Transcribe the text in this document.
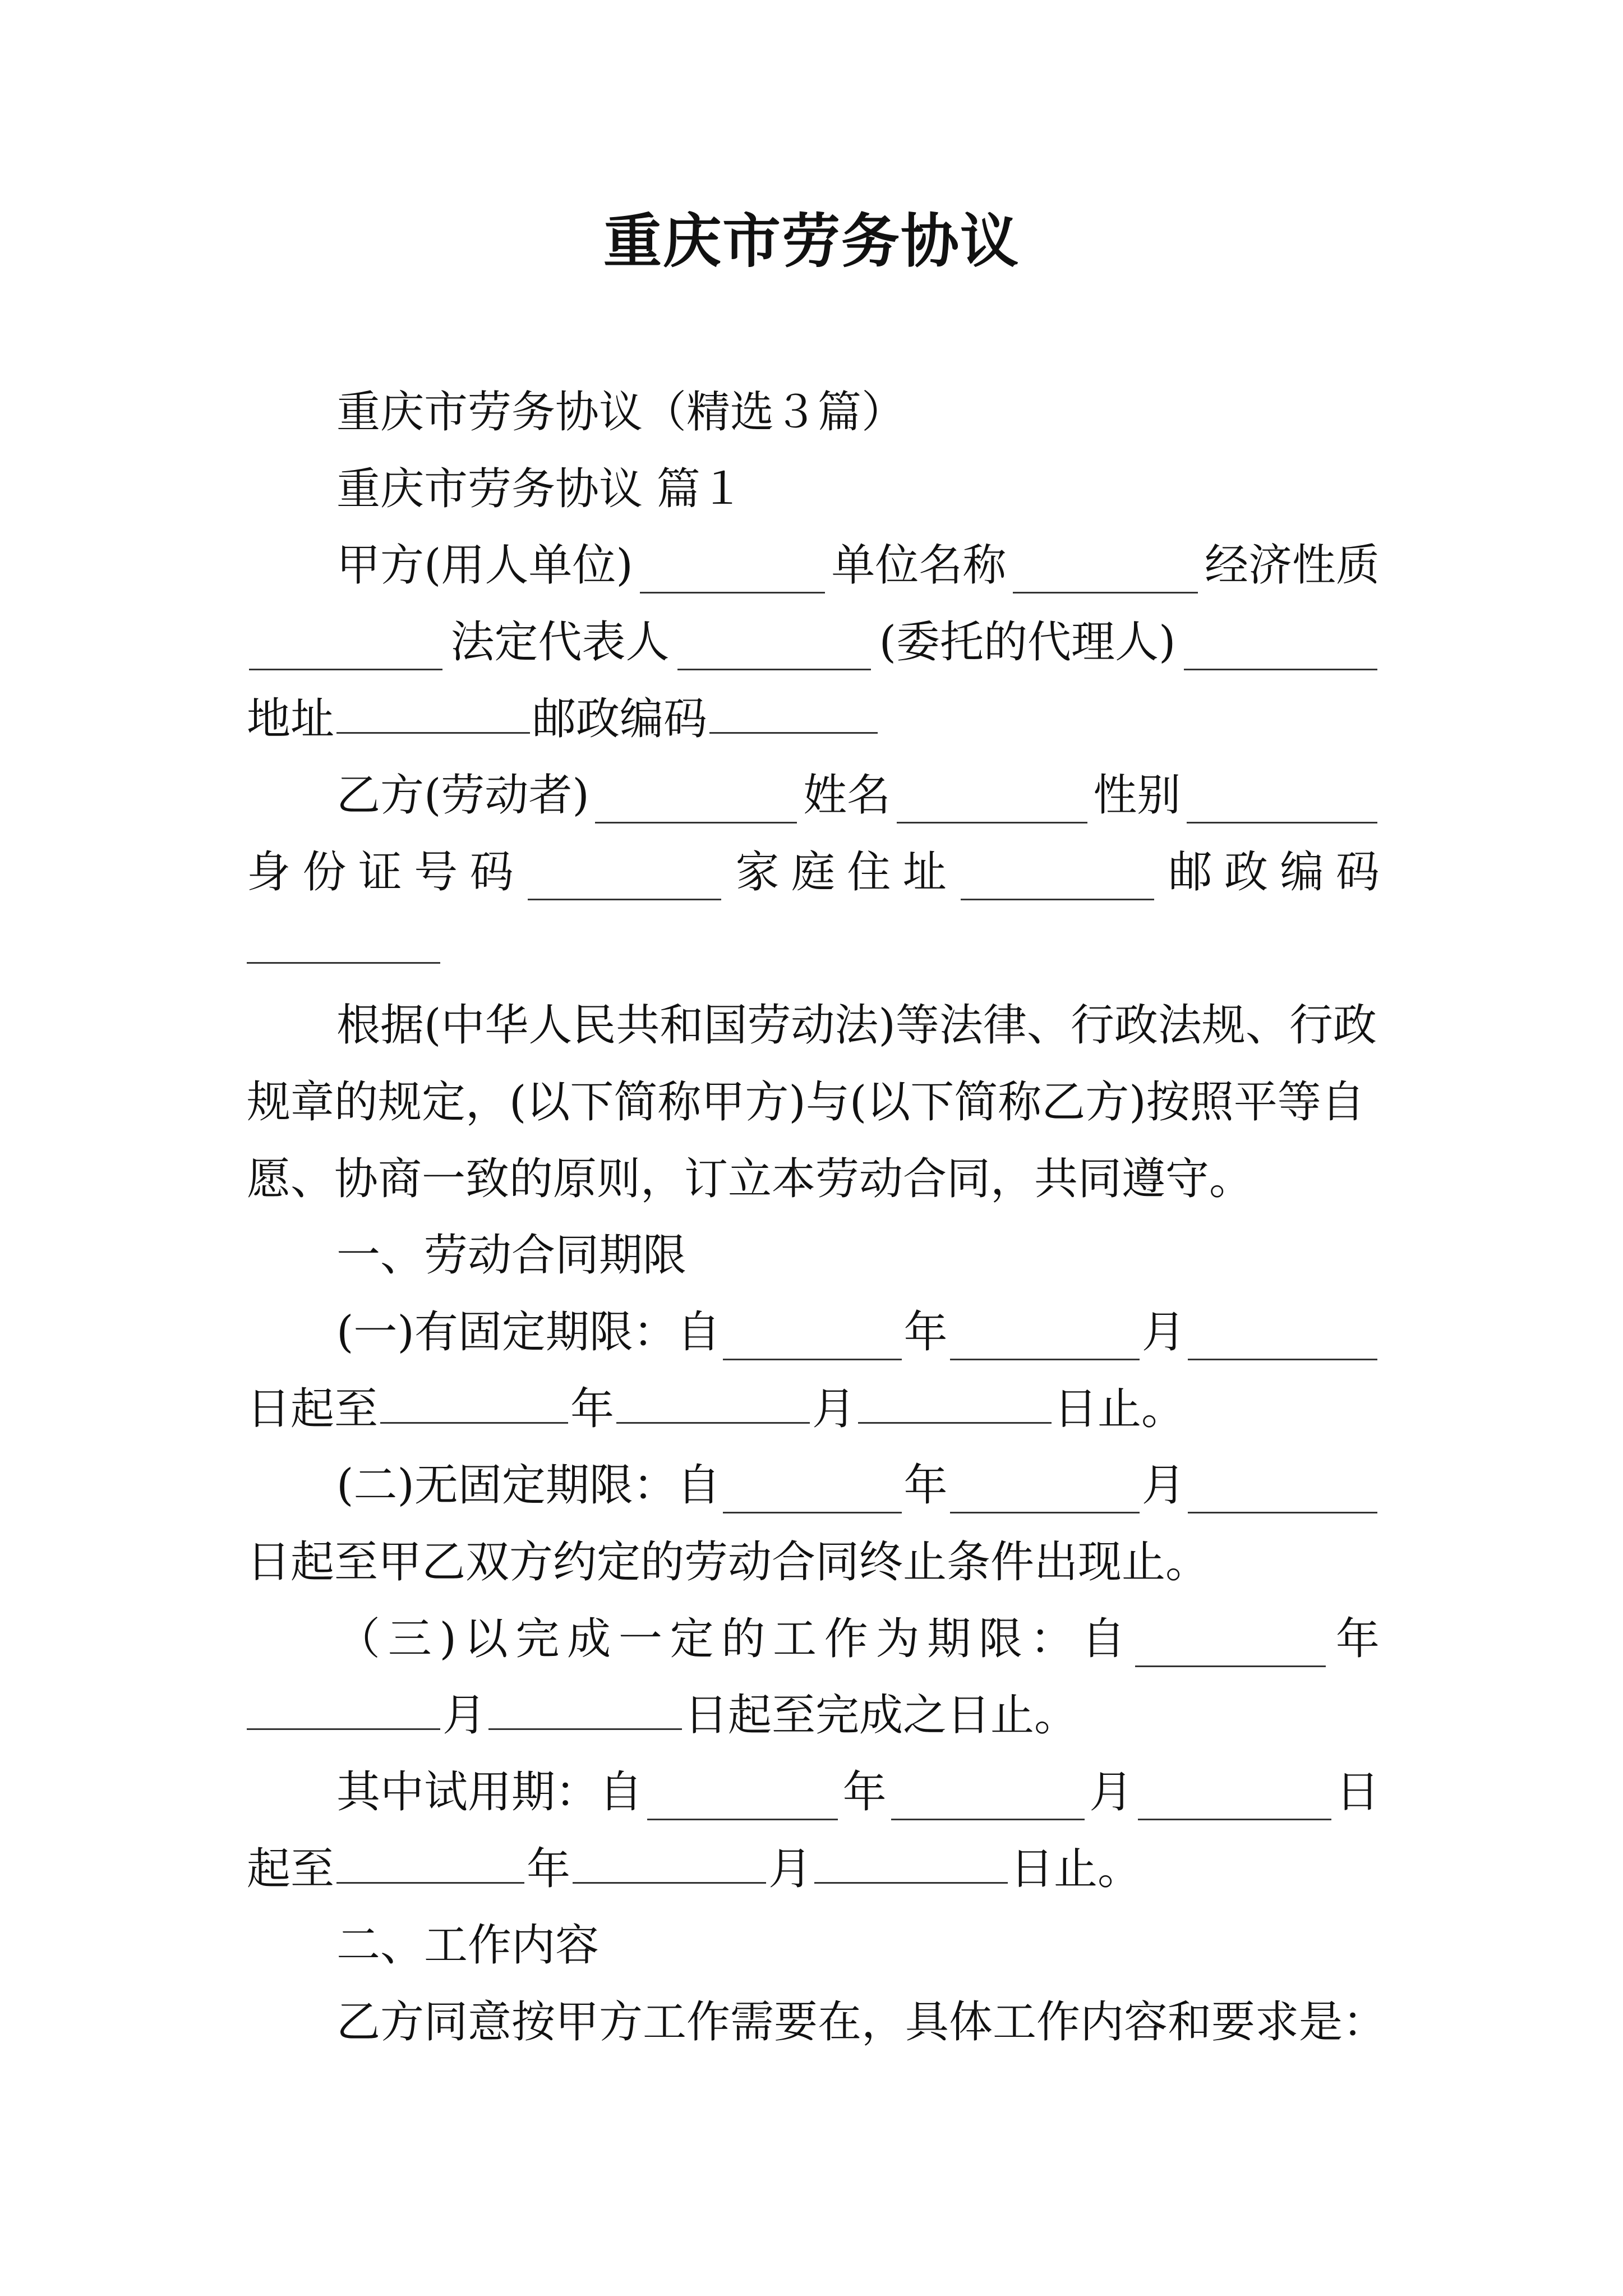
重庆市劳务协议
重庆市劳务协议（精选３篇）
重庆市劳务协议 篇１
甲方(用人单位)	单位名称	经济性质
法定代表人	(委托的代理人)
地址	邮政编码
乙方(劳动者)	姓名	性别
身 份 证 号 码	家 庭 住 址	邮 政 编 码
根据(中华人民共和国劳动法)等法律、行政法规、行政
规章的规定，(以下简称甲方)与(以下简称乙方)按照平等自
愿、协商一致的原则，订立本劳动合同，共同遵守。
一、劳动合同期限
(一)有固定期限：自	年	月
日起至	年	月	日止。
(二)无固定期限：自	年	月
日起至甲乙双方约定的劳动合同终止条件出现止。
（ 三 ) 以 完 成 一 定 的 工 作 为 期 限 ： 自	年
月	日起至完成之日止。
其中试用期：自	年	月	日
起至	年	月	日止。
二、工作内容
乙方同意按甲方工作需要在，具体工作内容和要求是：
